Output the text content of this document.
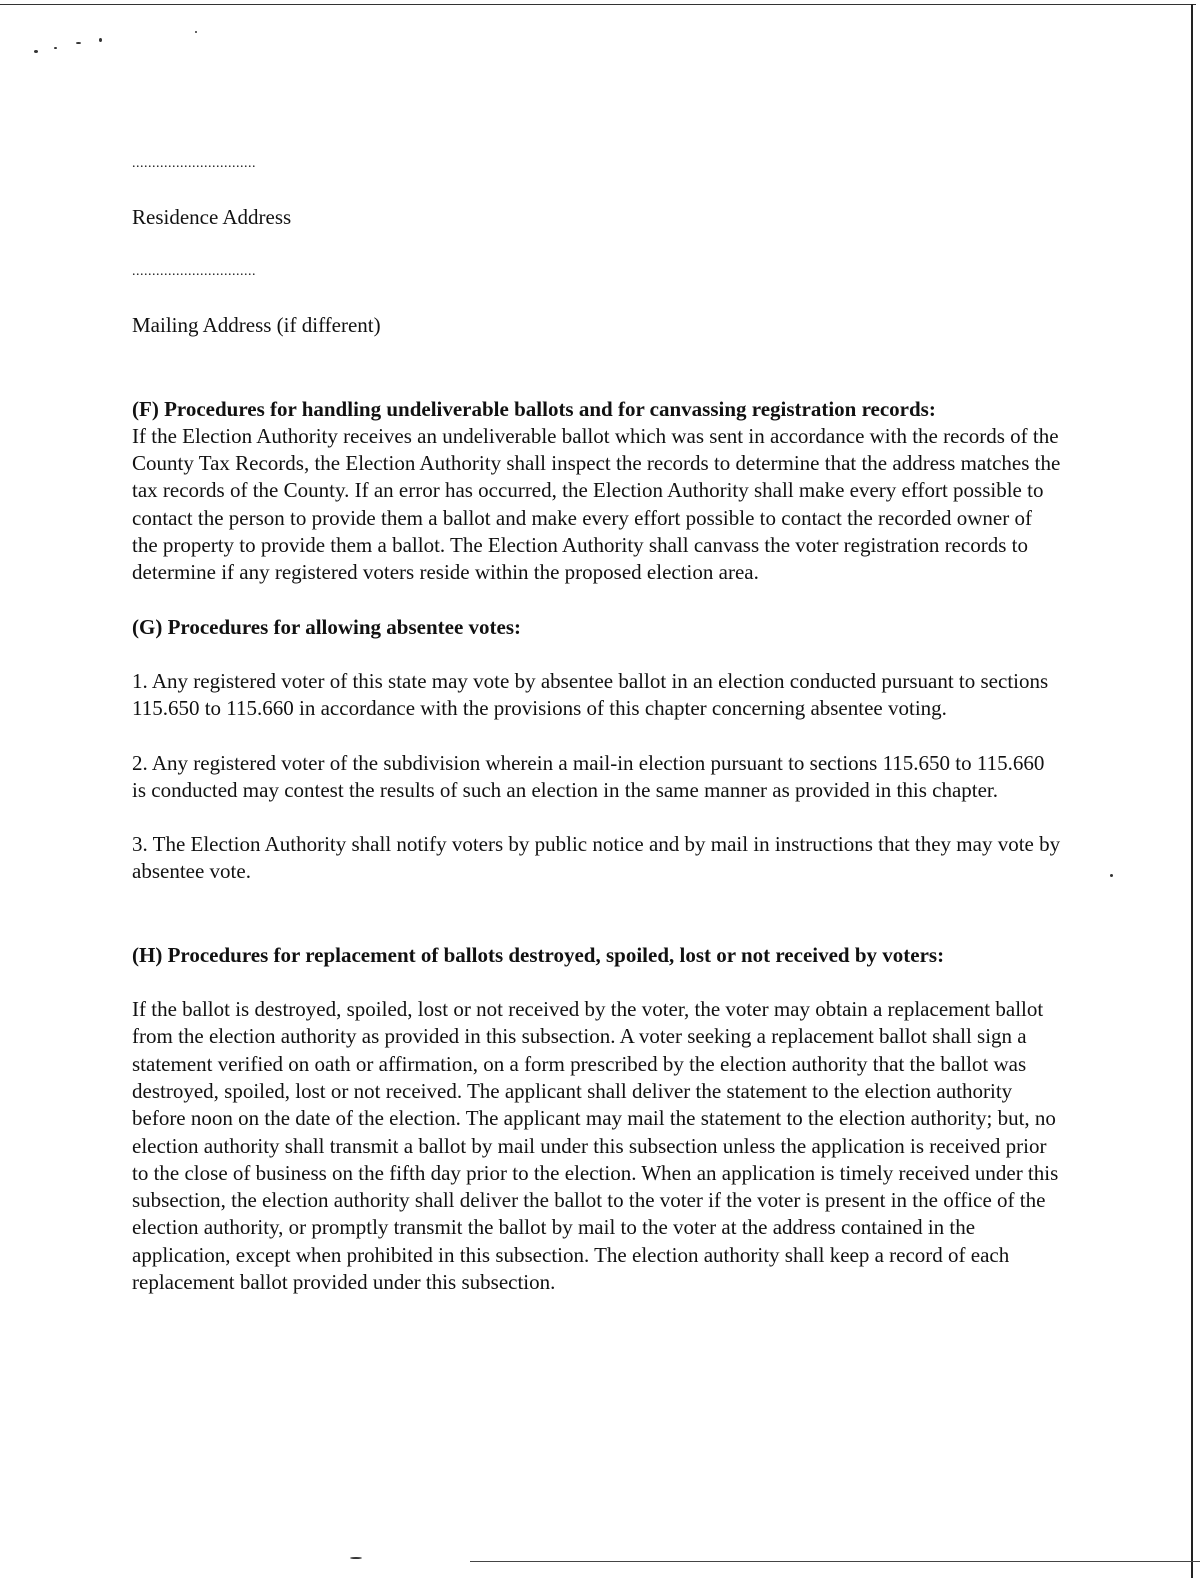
...............................

Residence Address

...............................

Mailing Address (if different)

(F) Procedures for handling undeliverable ballots and for canvassing registration records:

If the Election Authority receives an undeliverable ballot which was sent in accordance with the records of the County Tax Records, the Election Authority shall inspect the records to determine that the address matches the tax records of the County. If an error has occurred, the Election Authority shall make every effort possible to contact the person to provide them a ballot and make every effort possible to contact the recorded owner of the property to provide them a ballot. The Election Authority shall canvass the voter registration records to determine if any registered voters reside within the proposed election area.

(G) Procedures for allowing absentee votes:

1. Any registered voter of this state may vote by absentee ballot in an election conducted pursuant to sections 115.650 to 115.660 in accordance with the provisions of this chapter concerning absentee voting.

2. Any registered voter of the subdivision wherein a mail-in election pursuant to sections 115.650 to 115.660 is conducted may contest the results of such an election in the same manner as provided in this chapter.

3. The Election Authority shall notify voters by public notice and by mail in instructions that they may vote by absentee vote.

(H) Procedures for replacement of ballots destroyed, spoiled, lost or not received by voters:

If the ballot is destroyed, spoiled, lost or not received by the voter, the voter may obtain a replacement ballot from the election authority as provided in this subsection. A voter seeking a replacement ballot shall sign a statement verified on oath or affirmation, on a form prescribed by the election authority that the ballot was destroyed, spoiled, lost or not received. The applicant shall deliver the statement to the election authority before noon on the date of the election. The applicant may mail the statement to the election authority; but, no election authority shall transmit a ballot by mail under this subsection unless the application is received prior to the close of business on the fifth day prior to the election. When an application is timely received under this subsection, the election authority shall deliver the ballot to the voter if the voter is present in the office of the election authority, or promptly transmit the ballot by mail to the voter at the address contained in the application, except when prohibited in this subsection. The election authority shall keep a record of each replacement ballot provided under this subsection.
